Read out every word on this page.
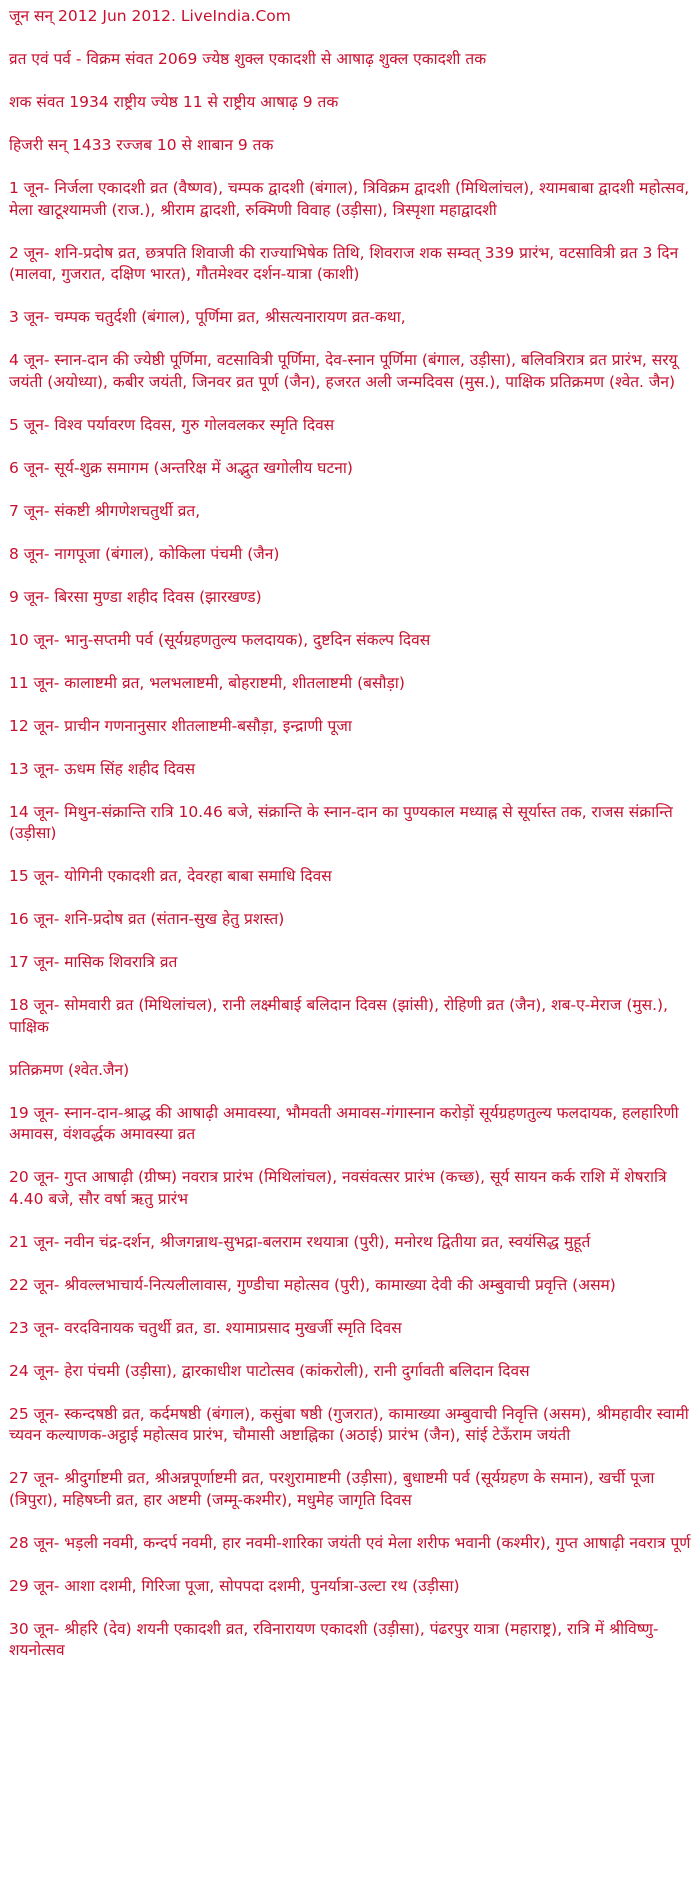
जून सन् 2012 Jun 2012. LiveIndia.Com

व्रत एवं पर्व - विक्रम संवत 2069 ज्येष्ठ शुक्ल एकादशी से आषाढ़ शुक्ल एकादशी तक

शक संवत 1934 राष्ट्रीय ज्येष्ठ 11 से राष्ट्रीय आषाढ़ 9 तक

हिजरी सन् 1433 रज्जब 10 से शाबान 9 तक

1 जून- निर्जला एकादशी व्रत (वैष्णव), चम्पक द्वादशी (बंगाल), त्रिविक्रम द्वादशी (मिथिलांचल), श्यामबाबा द्वादशी महोत्सव, मेला खाटूश्यामजी (राज.), श्रीराम द्वादशी, रुक्मिणी विवाह (उड़ीसा), त्रिस्पृशा महाद्वादशी

2 जून- शनि-प्रदोष व्रत, छत्रपति शिवाजी की राज्याभिषेक तिथि, शिवराज शक सम्वत् 339 प्रारंभ, वटसावित्री व्रत 3 दिन (मालवा, गुजरात, दक्षिण भारत), गौतमेश्वर दर्शन-यात्रा (काशी)

3 जून- चम्पक चतुर्दशी (बंगाल), पूर्णिमा व्रत, श्रीसत्यनारायण व्रत-कथा,

4 जून- स्नान-दान की ज्येष्ठी पूर्णिमा, वटसावित्री पूर्णिमा, देव-स्नान पूर्णिमा (बंगाल, उड़ीसा), बलिवत्रिरात्र व्रत प्रारंभ, सरयू जयंती (अयोध्या), कबीर जयंती, जिनवर व्रत पूर्ण (जैन), हजरत अली जन्मदिवस (मुस.), पाक्षिक प्रतिक्रमण (श्वेत. जैन)

5 जून- विश्व पर्यावरण दिवस, गुरु गोलवलकर स्मृति दिवस

6 जून- सूर्य-शुक्र समागम (अन्तरिक्ष में अद्भुत खगोलीय घटना)

7 जून- संकष्टी श्रीगणेशचतुर्थी व्रत,

8 जून- नागपूजा (बंगाल), कोकिला पंचमी (जैन)

9 जून- बिरसा मुण्डा शहीद दिवस (झारखण्ड)

10 जून- भानु-सप्तमी पर्व (सूर्यग्रहणतुल्य फलदायक), दुष्टदिन संकल्प दिवस

11 जून- कालाष्टमी व्रत, भलभलाष्टमी, बोहराष्टमी, शीतलाष्टमी (बसौड़ा)

12 जून- प्राचीन गणनानुसार शीतलाष्टमी-बसौड़ा, इन्द्राणी पूजा

13 जून- ऊधम सिंह शहीद दिवस

14 जून- मिथुन-संक्रान्ति रात्रि 10.46 बजे, संक्रान्ति के स्नान-दान का पुण्यकाल मध्याह्न से सूर्यास्त तक, राजस संक्रान्ति (उड़ीसा)

15 जून- योगिनी एकादशी व्रत, देवरहा बाबा समाधि दिवस

16 जून- शनि-प्रदोष व्रत (संतान-सुख हेतु प्रशस्त)

17 जून- मासिक शिवरात्रि व्रत

18 जून- सोमवारी व्रत (मिथिलांचल), रानी लक्ष्मीबाई बलिदान दिवस (झांसी), रोहिणी व्रत (जैन), शब-ए-मेराज (मुस.), पाक्षिक

प्रतिक्रमण (श्वेत.जैन)

19 जून- स्नान-दान-श्राद्ध की आषाढ़ी अमावस्या, भौमवती अमावस-गंगास्नान करोड़ों सूर्यग्रहणतुल्य फलदायक, हलहारिणी अमावस, वंशवर्द्धक अमावस्या व्रत

20 जून- गुप्त आषाढ़ी (ग्रीष्म) नवरात्र प्रारंभ (मिथिलांचल), नवसंवत्सर प्रारंभ (कच्छ), सूर्य सायन कर्क राशि में शेषरात्रि 4.40 बजे, सौर वर्षा ऋतु प्रारंभ

21 जून- नवीन चंद्र-दर्शन, श्रीजगन्नाथ-सुभद्रा-बलराम रथयात्रा (पुरी), मनोरथ द्वितीया व्रत, स्वयंसिद्ध मुहूर्त

22 जून- श्रीवल्लभाचार्य-नित्यलीलावास, गुण्डीचा महोत्सव (पुरी), कामाख्या देवी की अम्बुवाची प्रवृत्ति (असम)

23 जून- वरदविनायक चतुर्थी व्रत, डा. श्यामाप्रसाद मुखर्जी स्मृति दिवस

24 जून- हेरा पंचमी (उड़ीसा), द्वारकाधीश पाटोत्सव (कांकरोली), रानी दुर्गावती बलिदान दिवस

25 जून- स्कन्दषष्ठी व्रत, कर्दमषष्ठी (बंगाल), कसुंबा षष्ठी (गुजरात), कामाख्या अम्बुवाची निवृत्ति (असम), श्रीमहावीर स्वामी च्यवन कल्याणक-अट्ठाई महोत्सव प्रारंभ, चौमासी अष्टाह्निका (अठाई) प्रारंभ (जैन), सांई टेऊँराम जयंती

27 जून- श्रीदुर्गाष्टमी व्रत, श्रीअन्नपूर्णाष्टमी व्रत, परशुरामाष्टमी (उड़ीसा), बुधाष्टमी पर्व (सूर्यग्रहण के समान), खर्ची पूजा (त्रिपुरा), महिषघ्नी व्रत, हार अष्टमी (जम्मू-कश्मीर), मधुमेह जागृति दिवस

28 जून- भड़ली नवमी, कन्दर्प नवमी, हार नवमी-शारिका जयंती एवं मेला शरीफ भवानी (कश्मीर), गुप्त आषाढ़ी नवरात्र पूर्ण

29 जून- आशा दशमी, गिरिजा पूजा, सोपपदा दशमी, पुनर्यात्रा-उल्टा रथ (उड़ीसा)

30 जून- श्रीहरि (देव) शयनी एकादशी व्रत, रविनारायण एकादशी (उड़ीसा), पंढरपुर यात्रा (महाराष्ट्र), रात्रि में श्रीविष्णु-शयनोत्सव
